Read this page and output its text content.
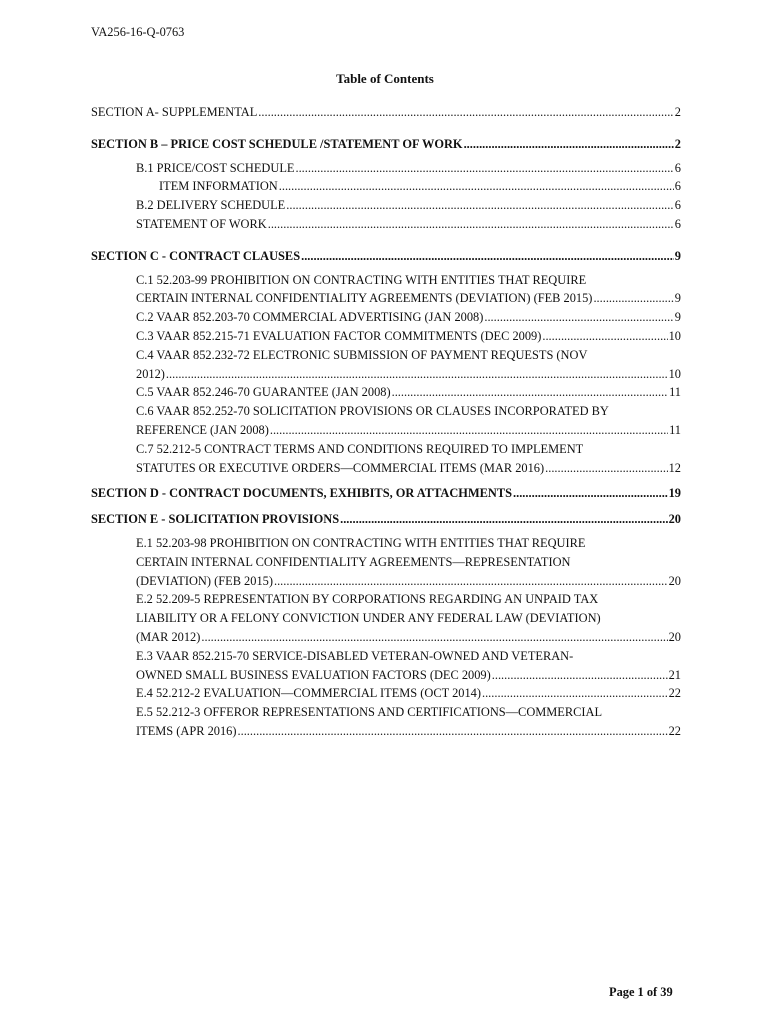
VA256-16-Q-0763
Table of Contents
SECTION A- SUPPLEMENTAL .....	2
SECTION B – PRICE COST SCHEDULE /STATEMENT OF WORK .....	2
B.1 PRICE/COST SCHEDULE .....	6
ITEM INFORMATION .....	6
B.2 DELIVERY SCHEDULE .....	6
STATEMENT OF WORK .....	6
SECTION C - CONTRACT CLAUSES .....	9
C.1 52.203-99 PROHIBITION ON CONTRACTING WITH ENTITIES THAT REQUIRE
CERTAIN INTERNAL CONFIDENTIALITY AGREEMENTS (DEVIATION) (FEB 2015) .....	9
C.2 VAAR 852.203-70 COMMERCIAL ADVERTISING (JAN 2008) .....	9
C.3 VAAR 852.215-71 EVALUATION FACTOR COMMITMENTS (DEC 2009) .....	10
C.4 VAAR 852.232-72 ELECTRONIC SUBMISSION OF PAYMENT REQUESTS (NOV
2012) .....	10
C.5 VAAR 852.246-70 GUARANTEE (JAN 2008) .....	11
C.6 VAAR 852.252-70 SOLICITATION PROVISIONS OR CLAUSES INCORPORATED BY
REFERENCE (JAN 2008) .....	11
C.7 52.212-5 CONTRACT TERMS AND CONDITIONS REQUIRED TO IMPLEMENT
STATUTES OR EXECUTIVE ORDERS—COMMERCIAL ITEMS (MAR 2016) .....	12
SECTION D - CONTRACT DOCUMENTS, EXHIBITS, OR ATTACHMENTS .....	19
SECTION E - SOLICITATION PROVISIONS .....	20
E.1 52.203-98 PROHIBITION ON CONTRACTING WITH ENTITIES THAT REQUIRE
CERTAIN INTERNAL CONFIDENTIALITY AGREEMENTS—REPRESENTATION
(DEVIATION) (FEB 2015) .....	20
E.2 52.209-5 REPRESENTATION BY CORPORATIONS REGARDING AN UNPAID TAX
LIABILITY OR A FELONY CONVICTION UNDER ANY FEDERAL LAW (DEVIATION)
(MAR 2012) .....	20
E.3 VAAR 852.215-70 SERVICE-DISABLED VETERAN-OWNED AND VETERAN-
OWNED SMALL BUSINESS EVALUATION FACTORS (DEC 2009) .....	21
E.4 52.212-2 EVALUATION—COMMERCIAL ITEMS (OCT 2014) .....	22
E.5 52.212-3 OFFEROR REPRESENTATIONS AND CERTIFICATIONS—COMMERCIAL
ITEMS (APR 2016) .....	22
Page 1 of 39
